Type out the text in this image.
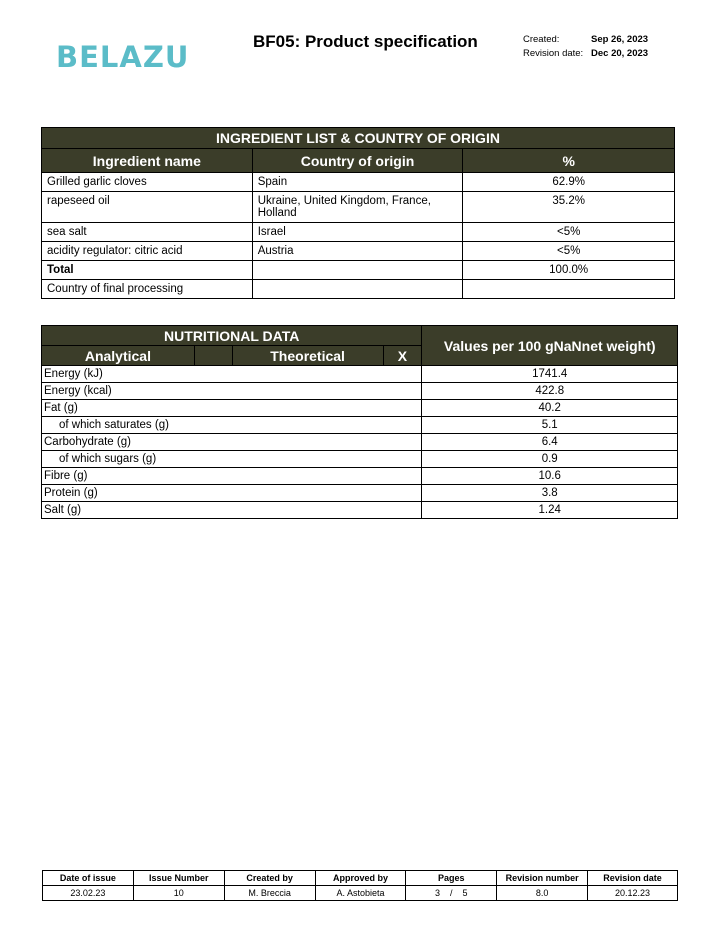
BELAZU	BF05: Product specification	Created:	Sep 26, 2023
Revision date: Dec 20, 2023
INGREDIENT LIST & COUNTRY OF ORIGIN		
Ingredient name	Country of origin	%
Grilled garlic cloves	Spain	62.9%
rapeseed oil	Ukraine, United Kingdom, France, Holland	35.2%
sea salt	Israel	<5%
acidity regulator: citric acid	Austria	<5%
Total		100.0%
Country of final processing		
NUTRITIONAL DATA				Values per 100 gNaNnet weight)
Analytical		Theoretical	X	
Energy (kJ)				1741.4
Energy (kcal)				422.8
Fat (g)				40.2
of which saturates (g)				5.1
Carbohydrate (g)				6.4
of which sugars (g)				0.9
Fibre (g)				10.6
Protein (g)				3.8
Salt (g)				1.24
Date of issue	Issue Number	Created by	Approved by	Pages	Revision number	Revision date
23.02.23	10	M. Breccia	A. Astobieta	3    /    5	8.0	20.12.23
